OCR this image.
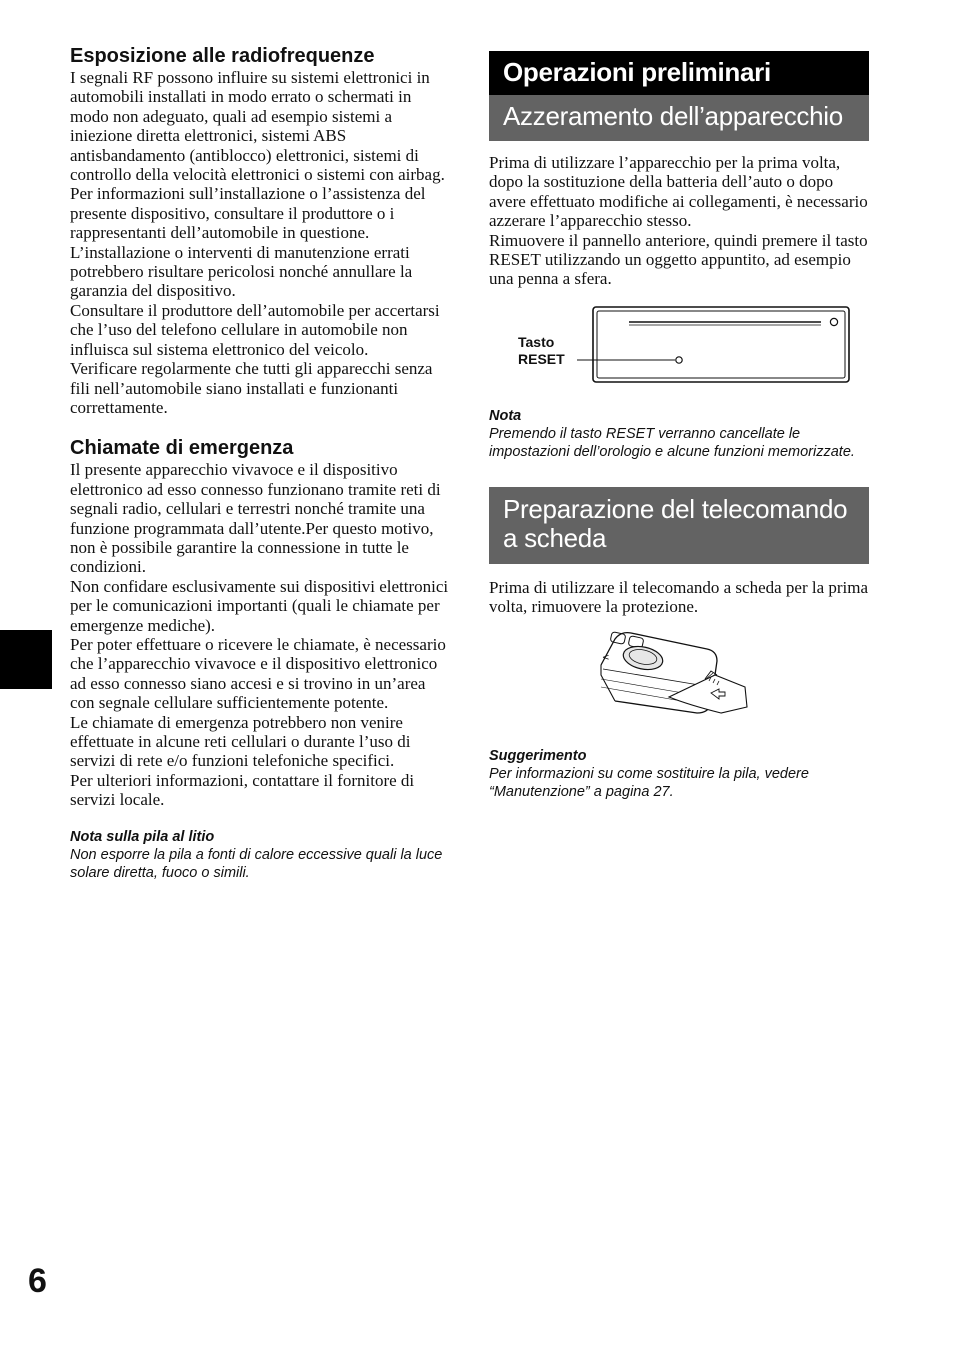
Esposizione alle radiofrequenze

I segnali RF possono influire su sistemi elettronici in automobili installati in modo errato o schermati in modo non adeguato, quali ad esempio sistemi a iniezione diretta elettronici, sistemi ABS antisbandamento (antiblocco) elettronici, sistemi di controllo della velocità elettronici o sistemi con airbag. Per informazioni sull’installazione o l’assistenza del presente dispositivo, consultare il produttore o i rappresentanti dell’automobile in questione. L’installazione o interventi di manutenzione errati potrebbero risultare pericolosi nonché annullare la garanzia del dispositivo.

Consultare il produttore dell’automobile per accertarsi che l’uso del telefono cellulare in automobile non influisca sul sistema elettronico del veicolo.

Verificare regolarmente che tutti gli apparecchi senza fili nell’automobile siano installati e funzionanti correttamente.

Chiamate di emergenza

Il presente apparecchio vivavoce e il dispositivo elettronico ad esso connesso funzionano tramite reti di segnali radio, cellulari e terrestri nonché tramite una funzione programmata dall’utente.Per questo motivo, non è possibile garantire la connessione in tutte le condizioni.

Non confidare esclusivamente sui dispositivi elettronici per le comunicazioni importanti (quali le chiamate per emergenze mediche).

Per poter effettuare o ricevere le chiamate, è necessario che l’apparecchio vivavoce e il dispositivo elettronico ad esso connesso siano accesi e si trovino in un’area con segnale cellulare sufficientemente potente.

Le chiamate di emergenza potrebbero non venire effettuate in alcune reti cellulari o durante l’uso di servizi di rete e/o funzioni telefoniche specifici.

Per ulteriori informazioni, contattare il fornitore di servizi locale.

Nota sulla pila al litio

Non esporre la pila a fonti di calore eccessive quali la luce solare diretta, fuoco o simili.

Operazioni preliminari
Azzeramento dell’apparecchio

Prima di utilizzare l’apparecchio per la prima volta, dopo la sostituzione della batteria dell’auto o dopo avere effettuato modifiche ai collegamenti, è necessario azzerare l’apparecchio stesso.

Rimuovere il pannello anteriore, quindi premere il tasto RESET utilizzando un oggetto appuntito, ad esempio una penna a sfera.

Tasto
RESET

Nota

Premendo il tasto RESET verranno cancellate le impostazioni dell’orologio e alcune funzioni memorizzate.

Preparazione del telecomando a scheda

Prima di utilizzare il telecomando a scheda per la prima volta, rimuovere la protezione.

<

Suggerimento

Per informazioni su come sostituire la pila, vedere “Manutenzione” a pagina 27.

6
